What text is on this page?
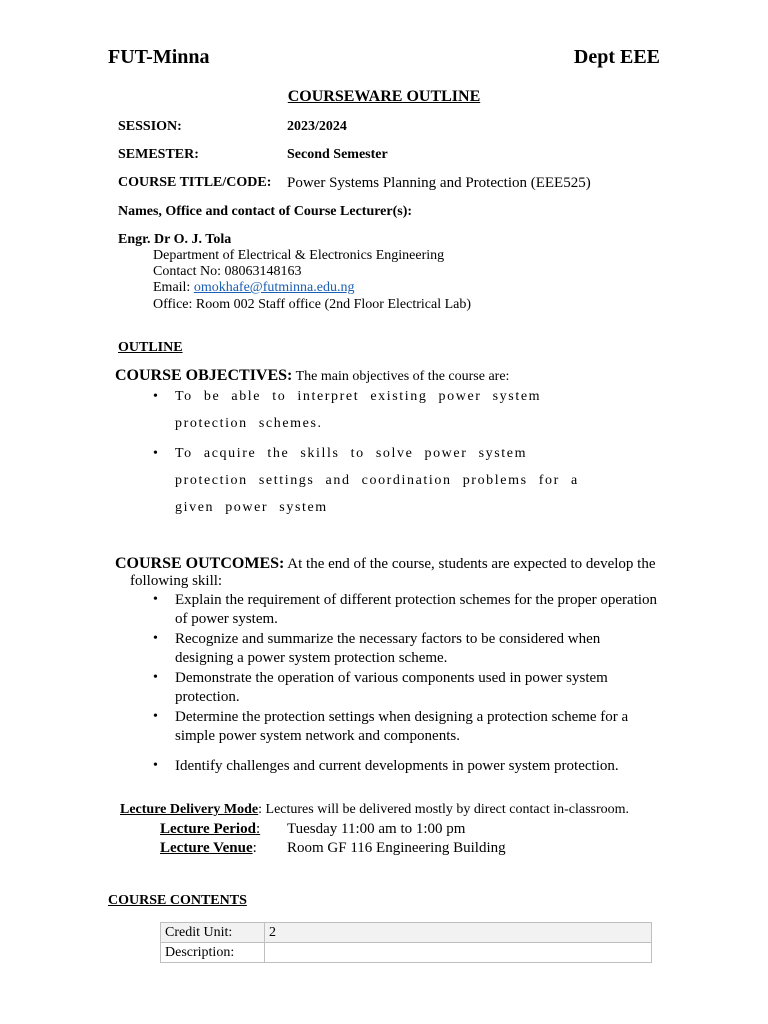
FUT-Minna	Dept EEE
COURSEWARE OUTLINE
SESSION:	2023/2024
SEMESTER:	Second Semester
COURSE TITLE/CODE: Power Systems Planning and Protection (EEE525)
Names, Office and contact of Course Lecturer(s):
Engr. Dr O. J. Tola
Department of Electrical & Electronics Engineering
Contact No: 08063148163
Email: omokhafe@futminna.edu.ng
Office: Room 002 Staff office (2nd Floor Electrical Lab)
OUTLINE
COURSE OBJECTIVES: The main objectives of the course are:
• To be able to interpret existing power system
protection schemes.
• To acquire the skills to solve power system
protection settings and coordination problems for a
given power system
COURSE OUTCOMES: At the end of the course, students are expected to develop the
following skill:
• Explain the requirement of different protection schemes for the proper operation
of power system.
• Recognize and summarize the necessary factors to be considered when
designing a power system protection scheme.
• Demonstrate the operation of various components used in power system
protection.
• Determine the protection settings when designing a protection scheme for a
simple power system network and components.
• Identify challenges and current developments in power system protection.
Lecture Delivery Mode: Lectures will be delivered mostly by direct contact in-classroom.
Lecture Period: Tuesday 11:00 am to 1:00 pm
Lecture Venue: Room GF 116 Engineering Building
COURSE CONTENTS
Credit Unit:	2
Description:	
